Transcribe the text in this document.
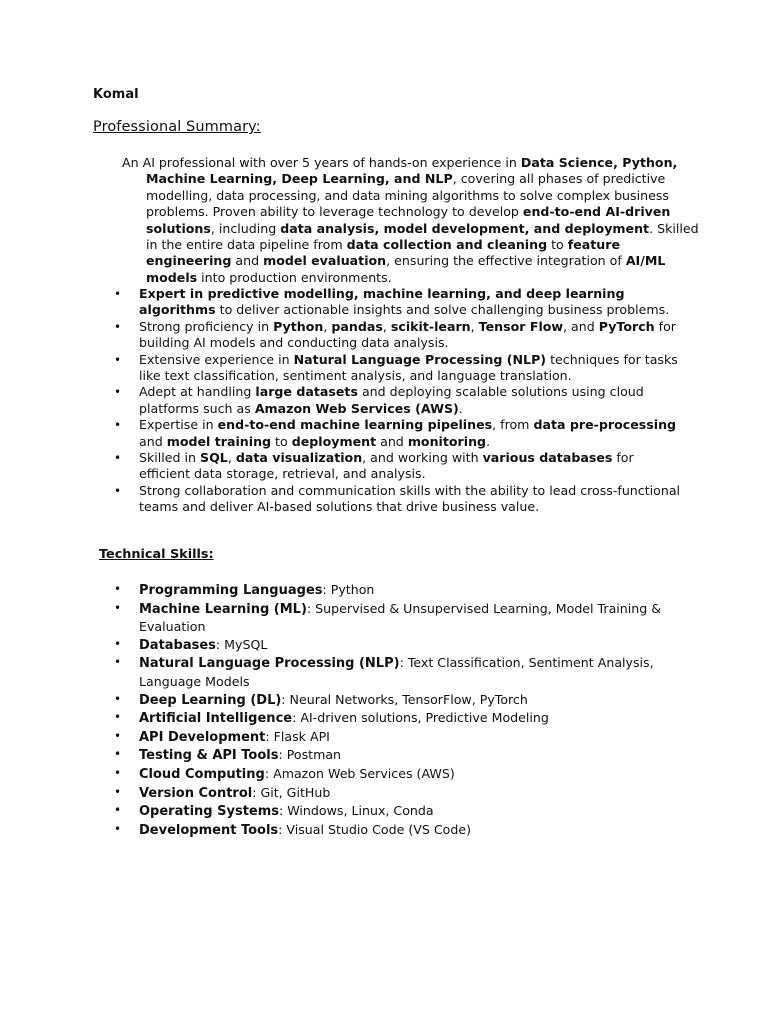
Komal
Professional Summary:
An AI professional with over 5 years of hands-on experience in Data Science, Python, Machine Learning, Deep Learning, and NLP, covering all phases of predictive modelling, data processing, and data mining algorithms to solve complex business problems. Proven ability to leverage technology to develop end-to-end AI-driven solutions, including data analysis, model development, and deployment. Skilled in the entire data pipeline from data collection and cleaning to feature engineering and model evaluation, ensuring the effective integration of AI/ML models into production environments.
• Expert in predictive modelling, machine learning, and deep learning algorithms to deliver actionable insights and solve challenging business problems.
• Strong proficiency in Python, pandas, scikit-learn, Tensor Flow, and PyTorch for building AI models and conducting data analysis.
• Extensive experience in Natural Language Processing (NLP) techniques for tasks like text classification, sentiment analysis, and language translation.
• Adept at handling large datasets and deploying scalable solutions using cloud platforms such as Amazon Web Services (AWS).
• Expertise in end-to-end machine learning pipelines, from data pre-processing and model training to deployment and monitoring.
• Skilled in SQL, data visualization, and working with various databases for efficient data storage, retrieval, and analysis.
• Strong collaboration and communication skills with the ability to lead cross-functional teams and deliver AI-based solutions that drive business value.
Technical Skills:
• Programming Languages: Python
• Machine Learning (ML): Supervised & Unsupervised Learning, Model Training & Evaluation
• Databases: MySQL
• Natural Language Processing (NLP): Text Classification, Sentiment Analysis, Language Models
• Deep Learning (DL): Neural Networks, TensorFlow, PyTorch
• Artificial Intelligence: AI-driven solutions, Predictive Modeling
• API Development: Flask API
• Testing & API Tools: Postman
• Cloud Computing: Amazon Web Services (AWS)
• Version Control: Git, GitHub
• Operating Systems: Windows, Linux, Conda
• Development Tools: Visual Studio Code (VS Code)
